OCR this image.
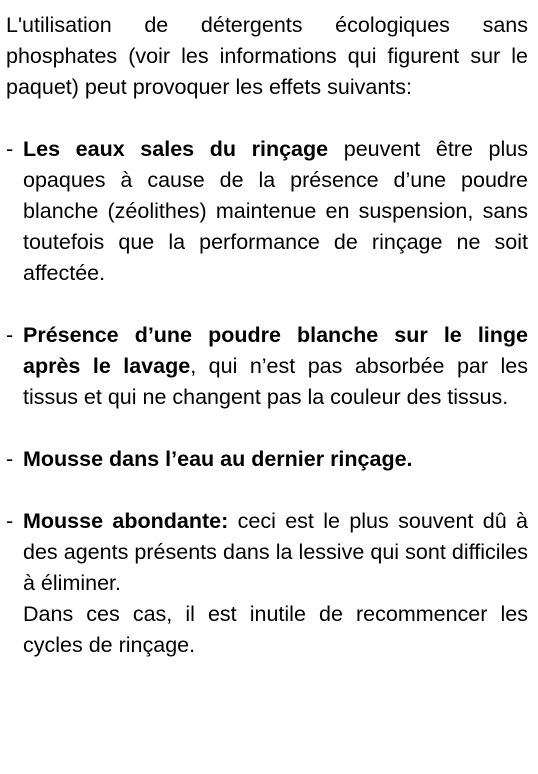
L'utilisation de détergents écologiques sans phosphates (voir les informations qui figurent sur le paquet) peut provoquer les effets suivants:

- Les eaux sales du rinçage peuvent être plus opaques à cause de la présence d’une poudre blanche (zéolithes) maintenue en suspension, sans toutefois que la performance de rinçage ne soit affectée.
- Présence d’une poudre blanche sur le linge après le lavage, qui n’est pas absorbée par les tissus et qui ne changent pas la couleur des tissus.
- Mousse dans l’eau au dernier rinçage.
- Mousse abondante: ceci est le plus souvent dû à des agents présents dans la lessive qui sont difficiles à éliminer.
Dans ces cas, il est inutile de recommencer les cycles de rinçage.
